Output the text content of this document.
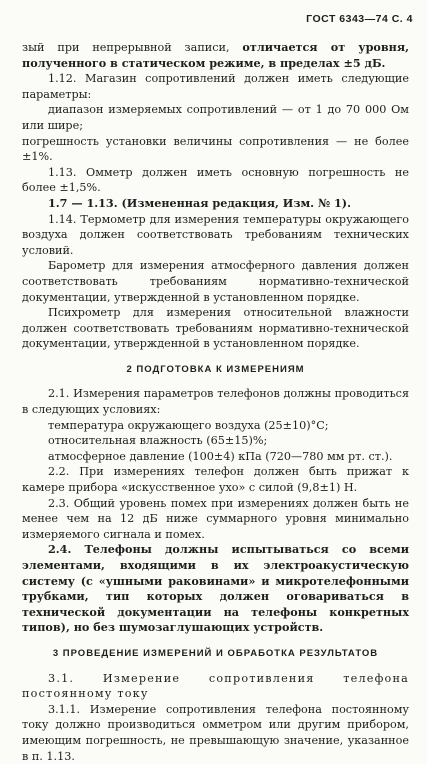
ГОСТ 6343—74 С. 4

зый при непрерывной записи, отличается от уровня, полученного в статическом режиме, в пределах ±5 дБ.

1.12. Магазин сопротивлений должен иметь следующие параметры:

диапазон измеряемых сопротивлений — от 1 до 70 000 Ом или шире;

погрешность установки величины сопротивления — не более ±1%.

1.13. Омметр должен иметь основную погрешность не более ±1,5%.

1.7 — 1.13. (Измененная редакция, Изм. № 1).

1.14. Термометр для измерения температуры окружающего воздуха должен соответствовать требованиям технических условий.

Барометр для измерения атмосферного давления должен соответствовать требованиям нормативно-технической документации, утвержденной в установленном порядке.

Психрометр для измерения относительной влажности должен соответствовать требованиям нормативно-технической документации, утвержденной в установленном порядке.

2 ПОДГОТОВКА К ИЗМЕРЕНИЯМ

2.1. Измерения параметров телефонов должны проводиться в следующих условиях:

температура окружающего воздуха (25±10)°С;

относительная влажность (65±15)%;

атмосферное давление (100±4) кПа (720—780 мм рт. ст.).

2.2. При измерениях телефон должен быть прижат к камере прибора «искусственное ухо» с силой (9,8±1) Н.

2.3. Общий уровень помех при измерениях должен быть не менее чем на 12 дБ ниже суммарного уровня минимально измеряемого сигнала и помех.

2.4. Телефоны должны испытываться со всеми элементами, входящими в их электроакустическую систему (с «ушными раковинами» и микротелефонными трубками, тип которых должен оговариваться в технической документации на телефоны конкретных типов), но без шумозаглушающих устройств.

3 ПРОВЕДЕНИЕ ИЗМЕРЕНИЙ И ОБРАБОТКА РЕЗУЛЬТАТОВ

3.1. Измерение сопротивления телефона постоянному току

3.1.1. Измерение сопротивления телефона постоянному току должно производиться омметром или другим прибором, имеющим погрешность, не превышающую значение, указанное в п. 1.13.
